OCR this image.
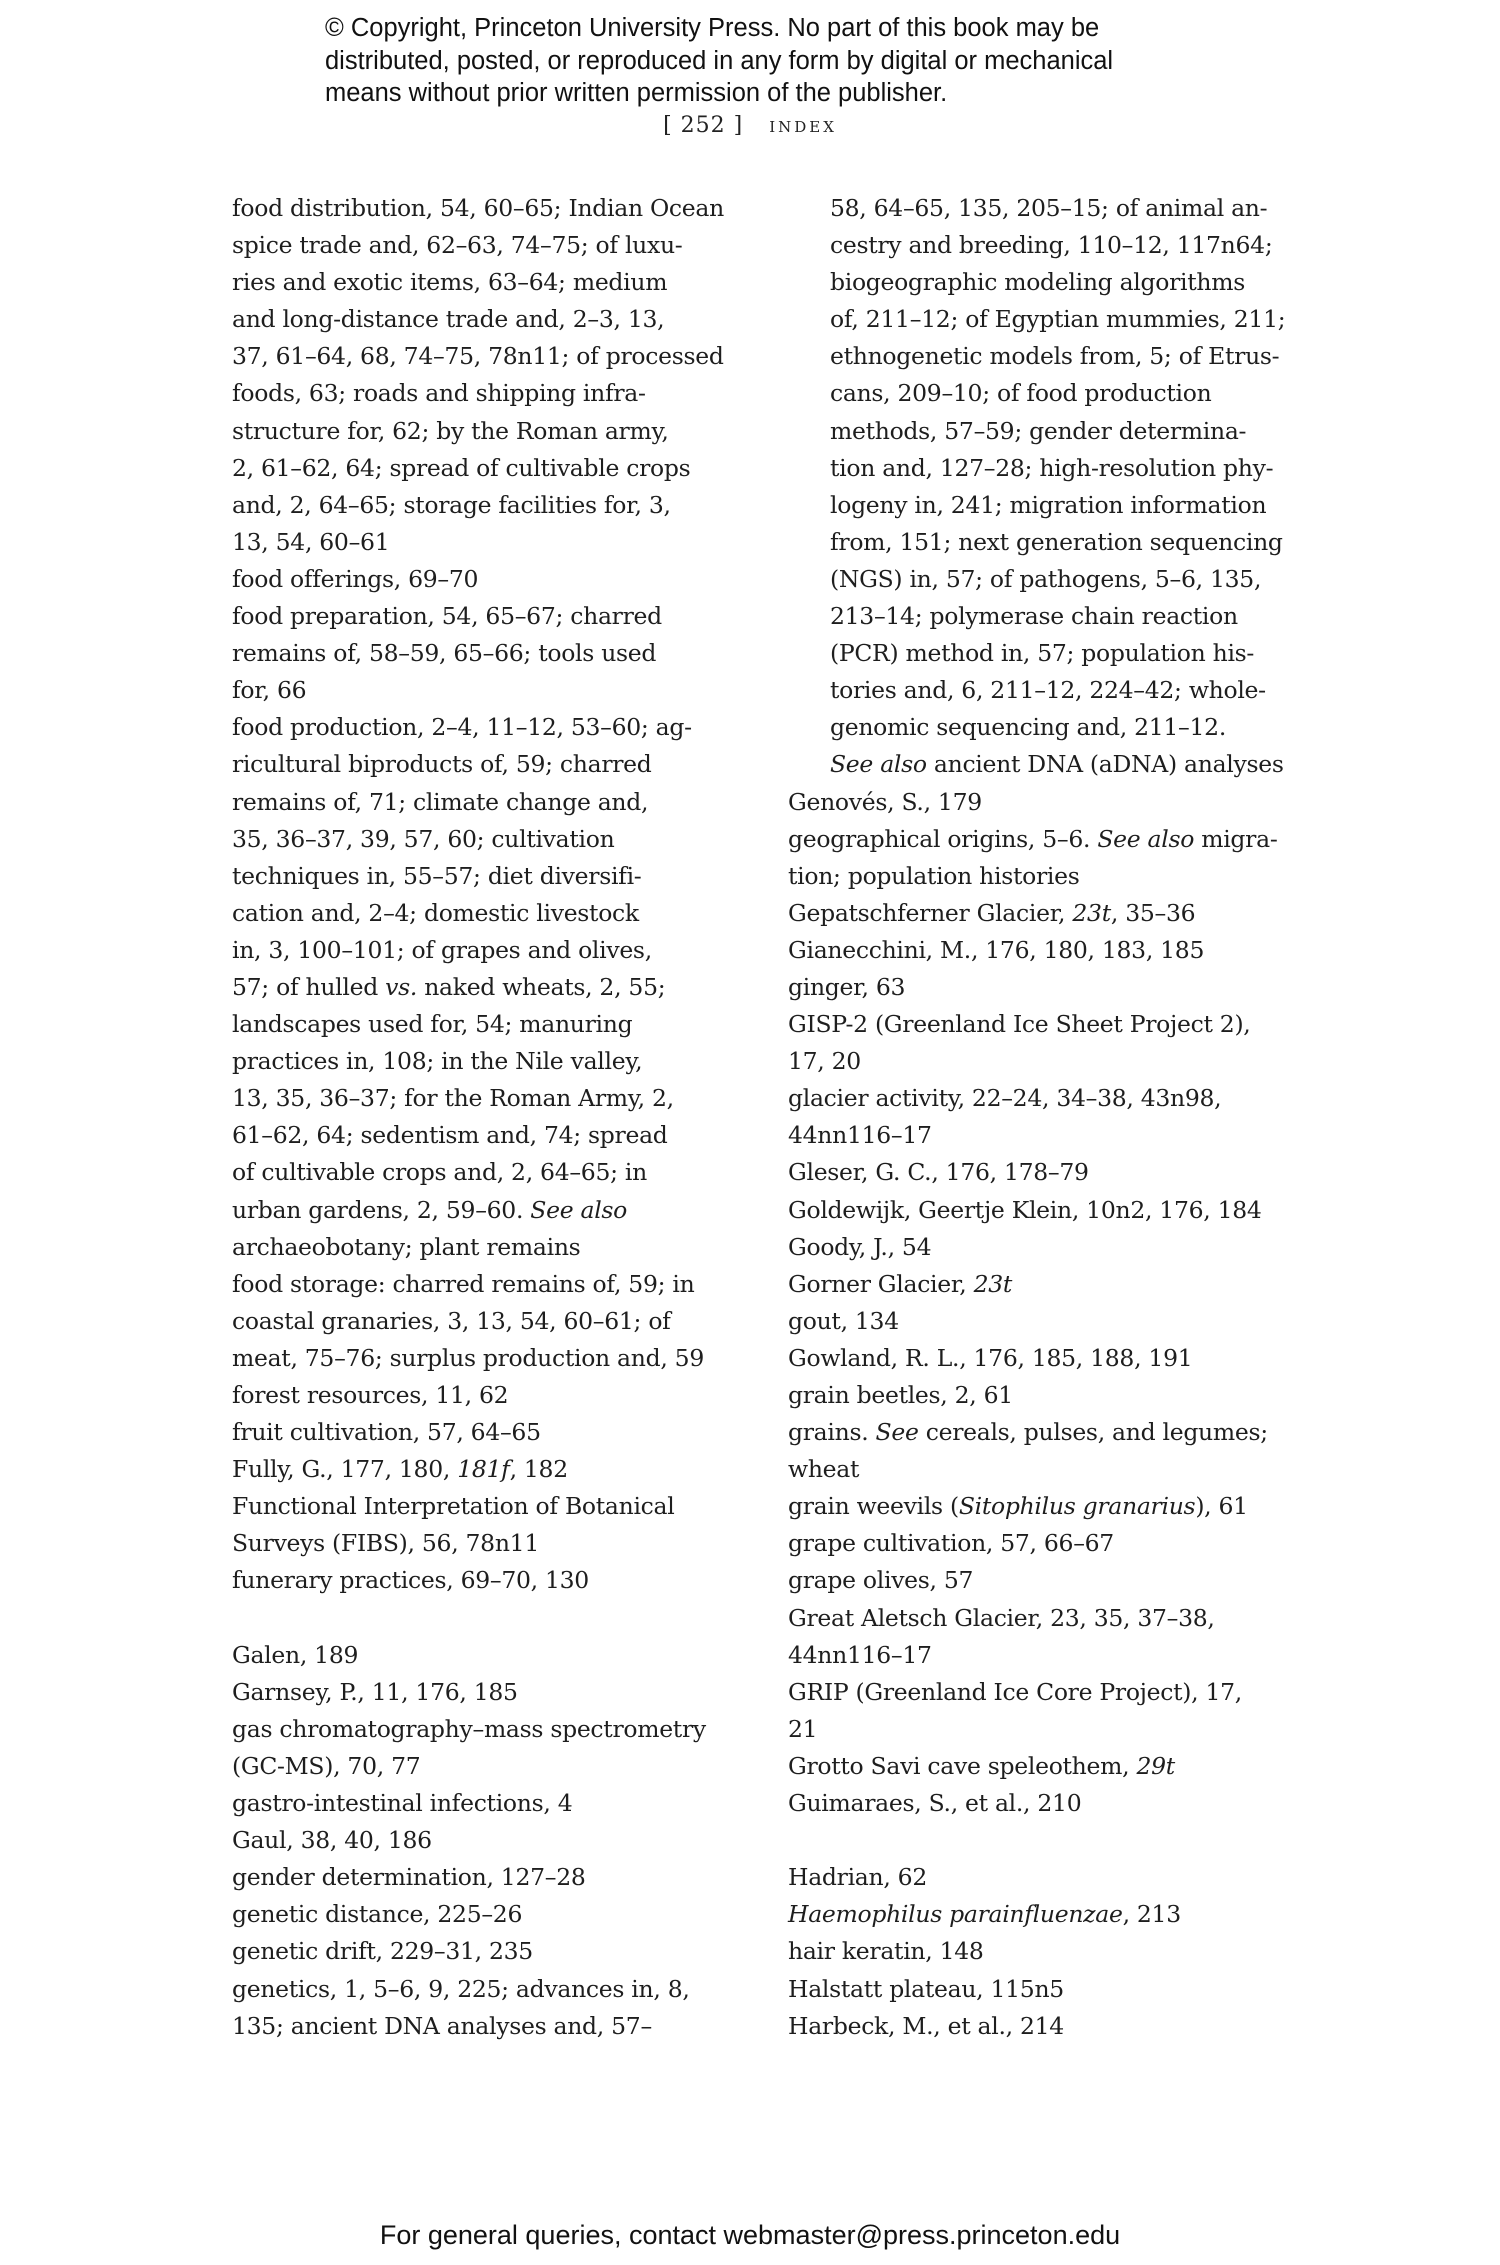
© Copyright, Princeton University Press. No part of this book may be
distributed, posted, or reproduced in any form by digital or mechanical
means without prior written permission of the publisher.
[ 252 ] index
food distribution, 54, 60–65; Indian Ocean
spice trade and, 62–63, 74–75; of luxu-
ries and exotic items, 63–64; medium
and long-distance trade and, 2–3, 13,
37, 61–64, 68, 74–75, 78n11; of processed
foods, 63; roads and shipping infra-
structure for, 62; by the Roman army,
2, 61–62, 64; spread of cultivable crops
and, 2, 64–65; storage facilities for, 3,
13, 54, 60–61
food offerings, 69–70
food preparation, 54, 65–67; charred
remains of, 58–59, 65–66; tools used
for, 66
food production, 2–4, 11–12, 53–60; ag-
ricultural biproducts of, 59; charred
remains of, 71; climate change and,
35, 36–37, 39, 57, 60; cultivation
techniques in, 55–57; diet diversifi-
cation and, 2–4; domestic livestock
in, 3, 100–101; of grapes and olives,
57; of hulled vs. naked wheats, 2, 55;
landscapes used for, 54; manuring
practices in, 108; in the Nile valley,
13, 35, 36–37; for the Roman Army, 2,
61–62, 64; sedentism and, 74; spread
of cultivable crops and, 2, 64–65; in
urban gardens, 2, 59–60. See also
archaeobotany; plant remains
food storage: charred remains of, 59; in
coastal granaries, 3, 13, 54, 60–61; of
meat, 75–76; surplus production and, 59
forest resources, 11, 62
fruit cultivation, 57, 64–65
Fully, G., 177, 180, 181f, 182
Functional Interpretation of Botanical
Surveys (FIBS), 56, 78n11
funerary practices, 69–70, 130
Galen, 189
Garnsey, P., 11, 176, 185
gas chromatography–mass spectrometry
(GC-MS), 70, 77
gastro-intestinal infections, 4
Gaul, 38, 40, 186
gender determination, 127–28
genetic distance, 225–26
genetic drift, 229–31, 235
genetics, 1, 5–6, 9, 225; advances in, 8,
135; ancient DNA analyses and, 57–
58, 64–65, 135, 205–15; of animal an-
cestry and breeding, 110–12, 117n64;
biogeographic modeling algorithms
of, 211–12; of Egyptian mummies, 211;
ethnogenetic models from, 5; of Etrus-
cans, 209–10; of food production
methods, 57–59; gender determina-
tion and, 127–28; high-resolution phy-
logeny in, 241; migration information
from, 151; next generation sequencing
(NGS) in, 57; of pathogens, 5–6, 135,
213–14; polymerase chain reaction
(PCR) method in, 57; population his-
tories and, 6, 211–12, 224–42; whole-
genomic sequencing and, 211–12.
See also ancient DNA (aDNA) analyses
Genovés, S., 179
geographical origins, 5–6. See also migra-
tion; population histories
Gepatschferner Glacier, 23t, 35–36
Gianecchini, M., 176, 180, 183, 185
ginger, 63
GISP-2 (Greenland Ice Sheet Project 2),
17, 20
glacier activity, 22–24, 34–38, 43n98,
44nn116–17
Gleser, G. C., 176, 178–79
Goldewijk, Geertje Klein, 10n2, 176, 184
Goody, J., 54
Gorner Glacier, 23t
gout, 134
Gowland, R. L., 176, 185, 188, 191
grain beetles, 2, 61
grains. See cereals, pulses, and legumes;
wheat
grain weevils (Sitophilus granarius), 61
grape cultivation, 57, 66–67
grape olives, 57
Great Aletsch Glacier, 23, 35, 37–38,
44nn116–17
GRIP (Greenland Ice Core Project), 17,
21
Grotto Savi cave speleothem, 29t
Guimaraes, S., et al., 210
Hadrian, 62
Haemophilus parainfluenzae, 213
hair keratin, 148
Halstatt plateau, 115n5
Harbeck, M., et al., 214
For general queries, contact webmaster@press.princeton.edu
